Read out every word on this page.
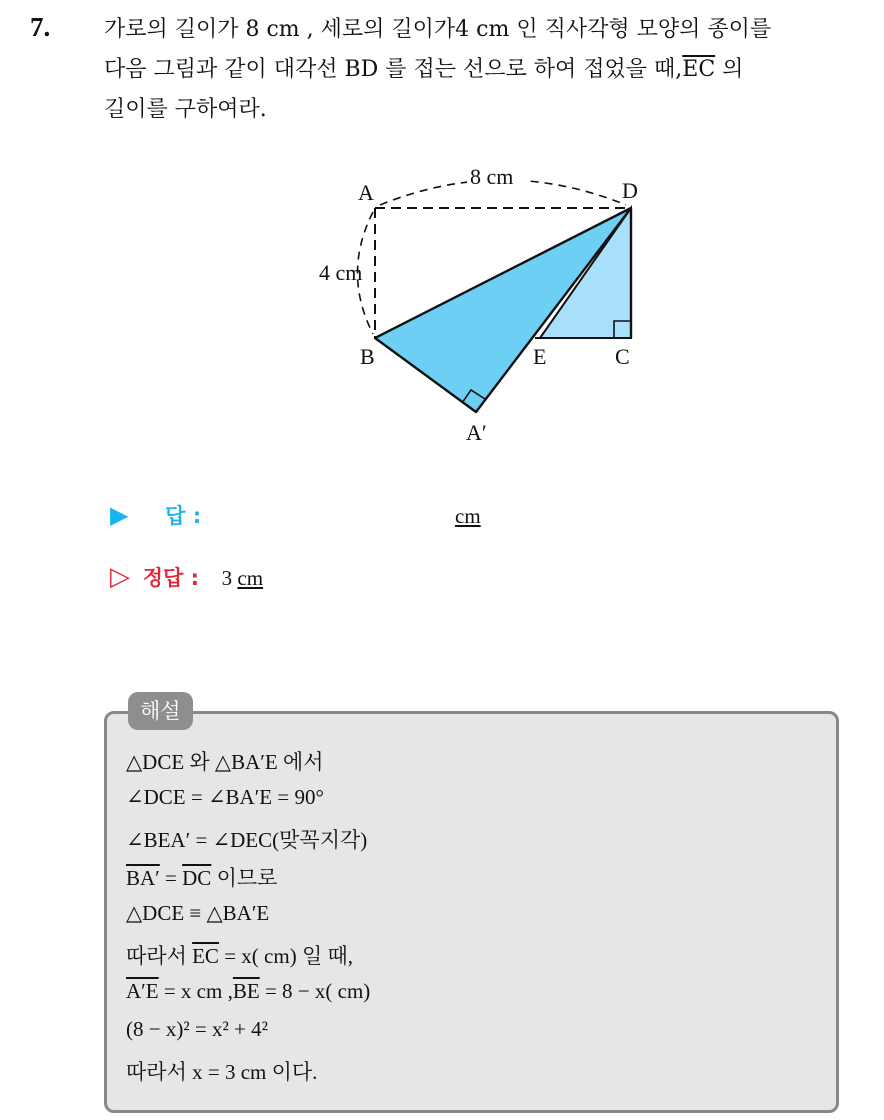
7. 가로의 길이가 8 cm , 세로의 길이가4 cm 인 직사각형 모양의 종이를
다음 그림과 같이 대각선 BD 를 접는 선으로 하여 접었을 때$,\overline{EC}$ 의
길이를 구하여라.
A	D
B	E	C
A′
8 cm
4 cm
▶ 답 :	cm
▷ 정답 : 3 cm
해설
△DCE 와 △BA′E 에서
∠DCE = ∠BA′E = 90°
∠BEA′ = ∠DEC(맞꼭지각)
$BA' = \overline{DC}$ 이므로
△DCE ≡ △BA′E
따라서 $\overline{EC} = x$( cm) 일 때,
A′E = x cm $,\overline{BE} = 8 - x$( cm)
(8 − x)² = x² + 4²
따라서 x = 3 cm 이다.
